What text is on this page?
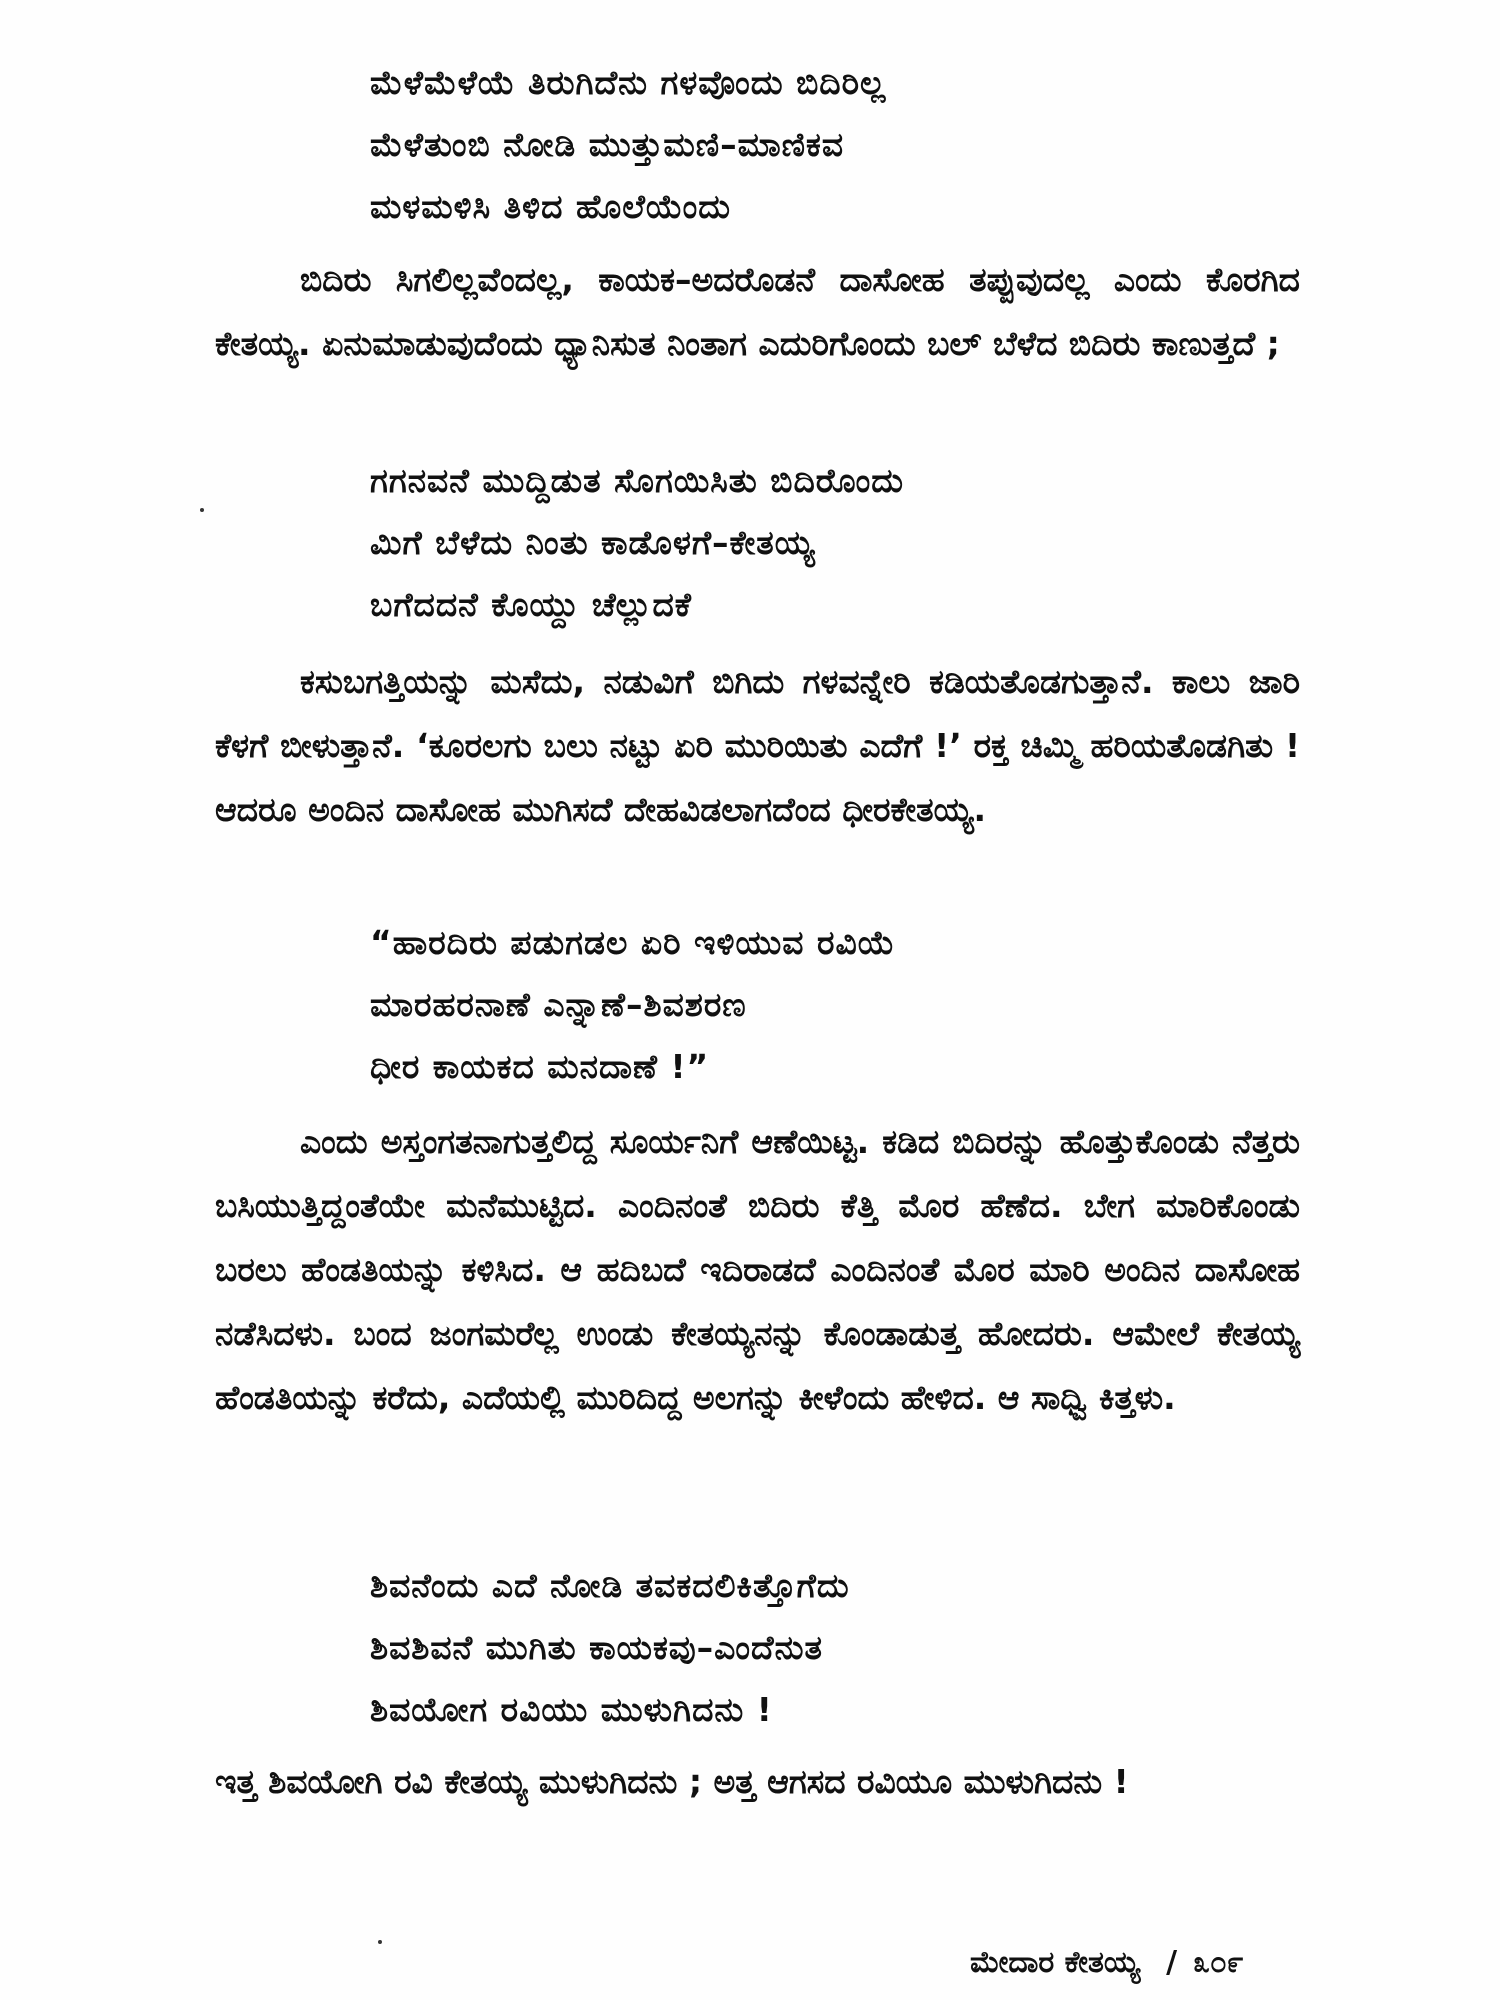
ಮೆಳೆಮೆಳೆಯೆ ತಿರುಗಿದೆನು ಗಳವೊಂದು ಬಿದಿರಿಲ್ಲ
ಮೆಳೆತುಂಬಿ ನೋಡಿ ಮುತ್ತುಮಣಿ–ಮಾಣಿಕವ
ಮಳಮಳಿಸಿ ತಿಳಿದ ಹೊಲೆಯೆಂದು
ಬಿದಿರು ಸಿಗಲಿಲ್ಲವೆಂದಲ್ಲ, ಕಾಯಕ–ಅದರೊಡನೆ ದಾಸೋಹ ತಪ್ಪುವುದಲ್ಲ ಎಂದು ಕೊರಗಿದ ಕೇತಯ್ಯ. ಏನುಮಾಡುವುದೆಂದು ಧ್ಯಾನಿಸುತ ನಿಂತಾಗ ಎದುರಿಗೊಂದು ಬಲ್ ಬೆಳೆದ ಬಿದಿರು ಕಾಣುತ್ತದೆ ;
ಗಗನವನೆ ಮುದ್ದಿಡುತ ಸೊಗಯಿಸಿತು ಬಿದಿರೊಂದು
ಮಿಗೆ ಬೆಳೆದು ನಿಂತು ಕಾಡೊಳಗೆ–ಕೇತಯ್ಯ
ಬಗೆದದನೆ ಕೊಯ್ದು ಚೆಲ್ಲುದಕೆ
ಕಸುಬಗತ್ತಿಯನ್ನು ಮಸೆದು, ನಡುವಿಗೆ ಬಿಗಿದು ಗಳವನ್ನೇರಿ ಕಡಿಯತೊಡಗುತ್ತಾನೆ. ಕಾಲು ಜಾರಿ ಕೆಳಗೆ ಬೀಳುತ್ತಾನೆ. ‘ಕೂರಲಗು ಬಲು ನಟ್ಟು ಏರಿ ಮುರಿಯಿತು ಎದೆಗೆ !’ ರಕ್ತ ಚಿಮ್ಮಿ ಹರಿಯತೊಡಗಿತು ! ಆದರೂ ಅಂದಿನ ದಾಸೋಹ ಮುಗಿಸದೆ ದೇಹವಿಡಲಾಗದೆಂದ ಧೀರಕೇತಯ್ಯ.
“ಹಾರದಿರು ಪಡುಗಡಲ ಏರಿ ಇಳಿಯುವ ರವಿಯೆ
ಮಾರಹರನಾಣೆ ಎನ್ನಾಣೆ–ಶಿವಶರಣ
ಧೀರ ಕಾಯಕದ ಮನದಾಣೆ !”
ಎಂದು ಅಸ್ತಂಗತನಾಗುತ್ತಲಿದ್ದ ಸೂರ್ಯನಿಗೆ ಆಣೆಯಿಟ್ಟ. ಕಡಿದ ಬಿದಿರನ್ನು ಹೊತ್ತುಕೊಂಡು ನೆತ್ತರು ಬಸಿಯುತ್ತಿದ್ದಂತೆಯೇ ಮನೆಮುಟ್ಟಿದ. ಎಂದಿನಂತೆ ಬಿದಿರು ಕೆತ್ತಿ ಮೊರ ಹೆಣೆದ. ಬೇಗ ಮಾರಿಕೊಂಡು ಬರಲು ಹೆಂಡತಿಯನ್ನು ಕಳಿಸಿದ. ಆ ಹದಿಬದೆ ಇದಿರಾಡದೆ ಎಂದಿನಂತೆ ಮೊರ ಮಾರಿ ಅಂದಿನ ದಾಸೋಹ ನಡೆಸಿದಳು. ಬಂದ ಜಂಗಮರೆಲ್ಲ ಉಂಡು ಕೇತಯ್ಯನನ್ನು ಕೊಂಡಾಡುತ್ತ ಹೋದರು. ಆಮೇಲೆ ಕೇತಯ್ಯ ಹೆಂಡತಿಯನ್ನು ಕರೆದು, ಎದೆಯಲ್ಲಿ ಮುರಿದಿದ್ದ ಅಲಗನ್ನು ಕೀಳೆಂದು ಹೇಳಿದ. ಆ ಸಾಧ್ವಿ ಕಿತ್ತಳು.
ಶಿವನೆಂದು ಎದೆ ನೋಡಿ ತವಕದಲಿಕಿತ್ತೊಗೆದು
ಶಿವಶಿವನೆ ಮುಗಿತು ಕಾಯಕವು–ಎಂದೆನುತ
ಶಿವಯೋಗ ರವಿಯು ಮುಳುಗಿದನು !
ಇತ್ತ ಶಿವಯೋಗಿ ರವಿ ಕೇತಯ್ಯ ಮುಳುಗಿದನು ; ಅತ್ತ ಆಗಸದ ರವಿಯೂ ಮುಳುಗಿದನು !
ಮೇದಾರ ಕೇತಯ್ಯ / ೩೦೯
